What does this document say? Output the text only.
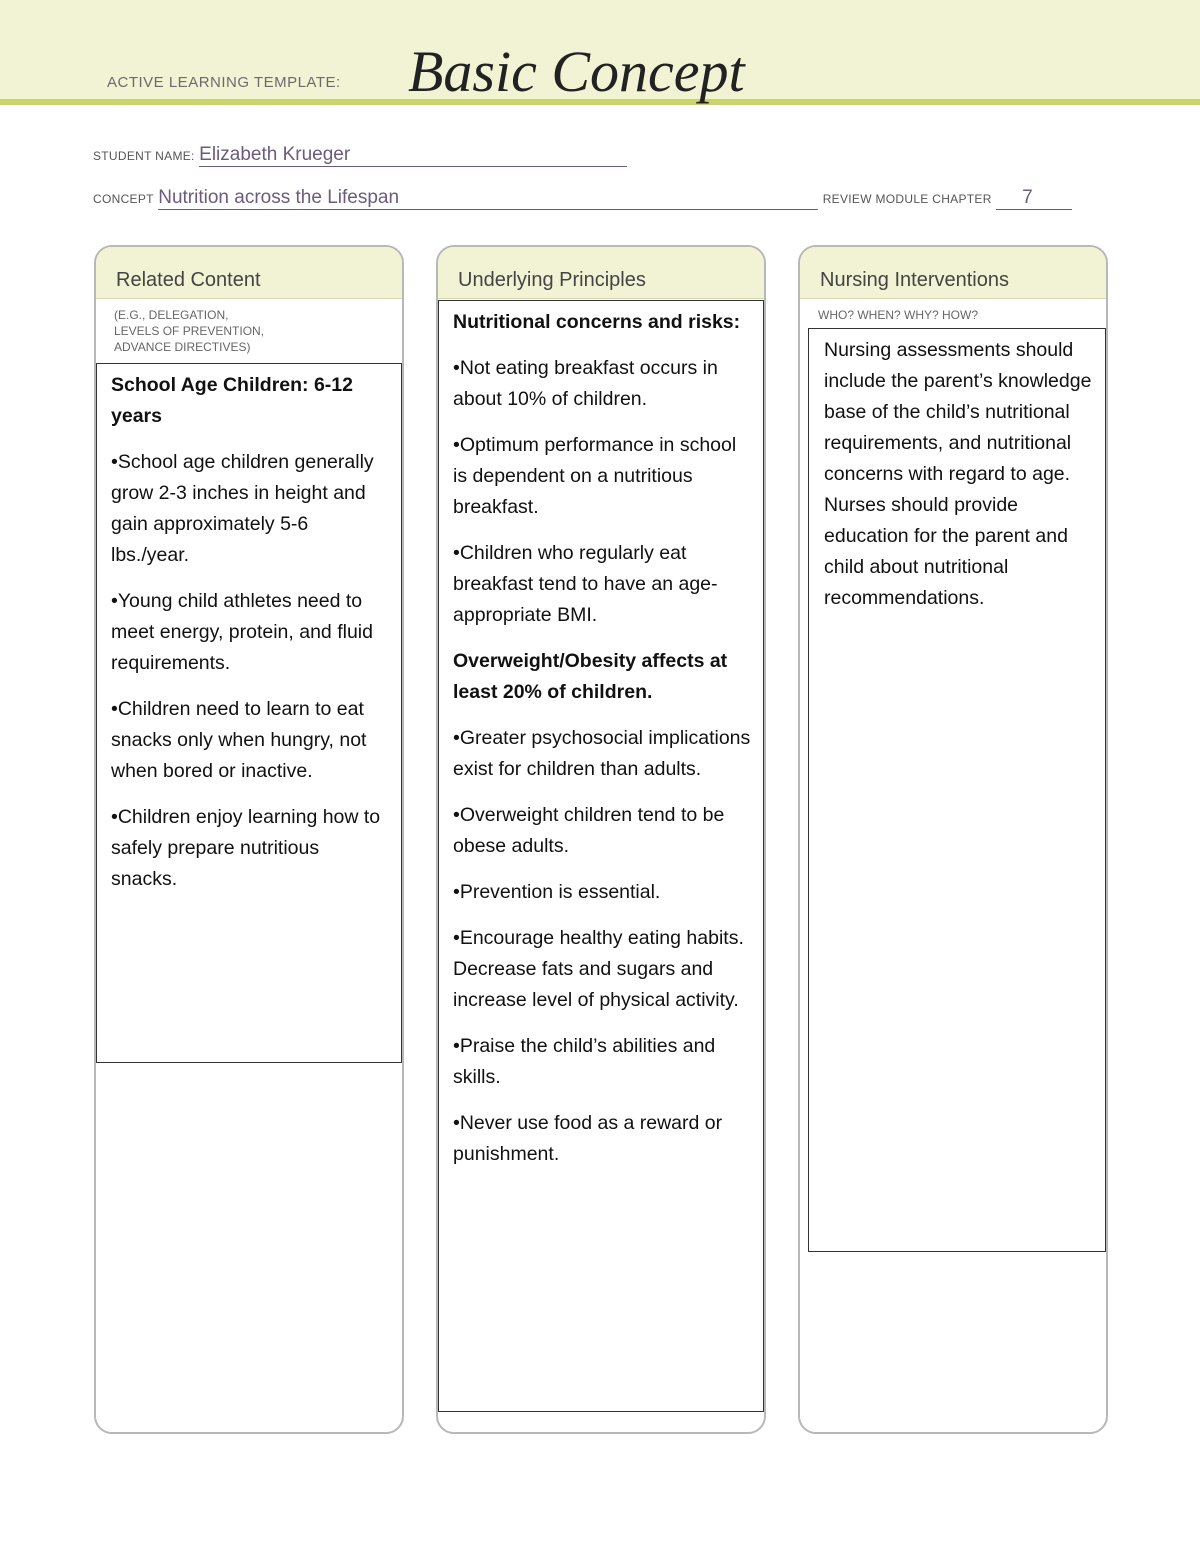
ACTIVE LEARNING TEMPLATE: Basic Concept
STUDENT NAME: Elizabeth Krueger
CONCEPT Nutrition across the Lifespan	REVIEW MODULE CHAPTER 7
Related Content
(E.G., DELEGATION,
LEVELS OF PREVENTION,
ADVANCE DIRECTIVES)

School Age Children: 6-12 years

•School age children generally grow 2-3 inches in height and gain approximately 5-6 lbs./year.

•Young child athletes need to meet energy, protein, and fluid requirements.

•Children need to learn to eat snacks only when hungry, not when bored or inactive.

•Children enjoy learning how to safely prepare nutritious snacks.

Underlying Principles

Nutritional concerns and risks:

•Not eating breakfast occurs in about 10% of children.

•Optimum performance in school is dependent on a nutritious breakfast.

•Children who regularly eat breakfast tend to have an age-appropriate BMI.

Overweight/Obesity affects at least 20% of children.

•Greater psychosocial implications exist for children than adults.

•Overweight children tend to be obese adults.

•Prevention is essential.

•Encourage healthy eating habits. Decrease fats and sugars and increase level of physical activity.

•Praise the child’s abilities and skills.

•Never use food as a reward or punishment.

Nursing Interventions
WHO? WHEN? WHY? HOW?

Nursing assessments should include the parent’s knowledge base of the child’s nutritional requirements, and nutritional concerns with regard to age. Nurses should provide education for the parent and child about nutritional recommendations.
